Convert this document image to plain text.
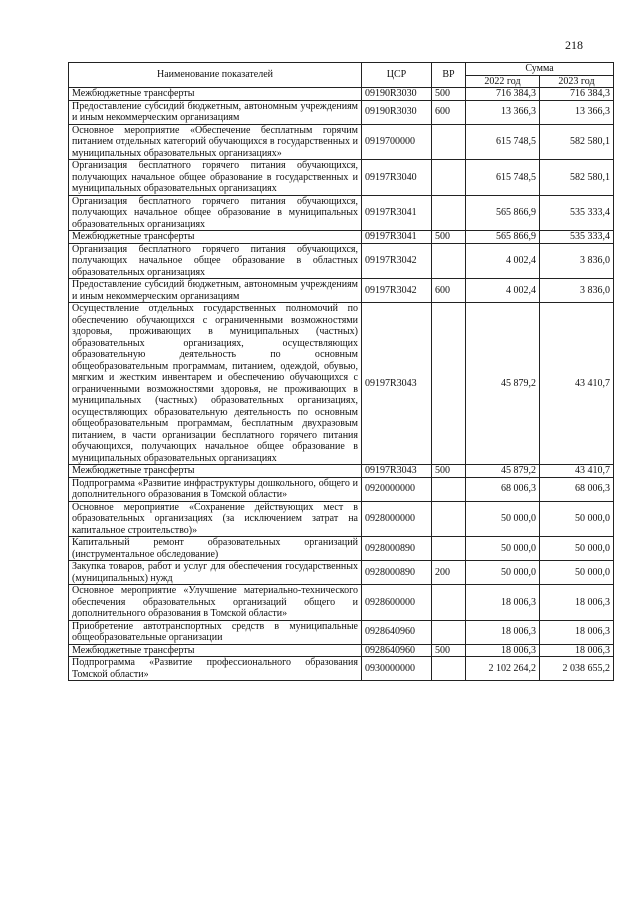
218
Наименование показателей	ЦСР	ВР	Сумма	
			2022 год	2023 год
Межбюджетные трансферты	09190R3030	500	716 384,3	716 384,3
Предоставление субсидий бюджетным, автономным учреждениям и иным некоммерческим организациям	09190R3030	600	13 366,3	13 366,3
Основное мероприятие «Обеспечение бесплатным горячим питанием отдельных категорий обучающихся в государственных и муниципальных образовательных организациях»	0919700000		615 748,5	582 580,1
Организация бесплатного горячего питания обучающихся, получающих начальное общее образование в государственных и муниципальных образовательных организациях	09197R3040		615 748,5	582 580,1
Организация бесплатного горячего питания обучающихся, получающих начальное общее образование в муниципальных образовательных организациях	09197R3041		565 866,9	535 333,4
Межбюджетные трансферты	09197R3041	500	565 866,9	535 333,4
Организация бесплатного горячего питания обучающихся, получающих начальное общее образование в областных образовательных организациях	09197R3042		4 002,4	3 836,0
Предоставление субсидий бюджетным, автономным учреждениям и иным некоммерческим организациям	09197R3042	600	4 002,4	3 836,0
Осуществление отдельных государственных полномочий по обеспечению обучающихся с ограниченными возможностями здоровья, проживающих в муниципальных (частных) образовательных организациях, осуществляющих образовательную деятельность по основным общеобразовательным программам, питанием, одеждой, обувью, мягким и жестким инвентарем и обеспечению обучающихся с ограниченными возможностями здоровья, не проживающих в муниципальных (частных) образовательных организациях, осуществляющих образовательную деятельность по основным общеобразовательным программам, бесплатным двухразовым питанием, в части организации бесплатного горячего питания обучающихся, получающих начальное общее образование в муниципальных образовательных организациях	09197R3043		45 879,2	43 410,7
Межбюджетные трансферты	09197R3043	500	45 879,2	43 410,7
Подпрограмма «Развитие инфраструктуры дошкольного, общего и дополнительного образования в Томской области»	0920000000		68 006,3	68 006,3
Основное мероприятие «Сохранение действующих мест в образовательных организациях (за исключением затрат на капитальное строительство)»	0928000000		50 000,0	50 000,0
Капитальный ремонт образовательных организаций (инструментальное обследование)	0928000890		50 000,0	50 000,0
Закупка товаров, работ и услуг для обеспечения государственных (муниципальных) нужд	0928000890	200	50 000,0	50 000,0
Основное мероприятие «Улучшение материально-технического обеспечения образовательных организаций общего и дополнительного образования в Томской области»	0928600000		18 006,3	18 006,3
Приобретение автотранспортных средств в муниципальные общеобразовательные организации	0928640960		18 006,3	18 006,3
Межбюджетные трансферты	0928640960	500	18 006,3	18 006,3
Подпрограмма «Развитие профессионального образования Томской области»	0930000000		2 102 264,2	2 038 655,2
